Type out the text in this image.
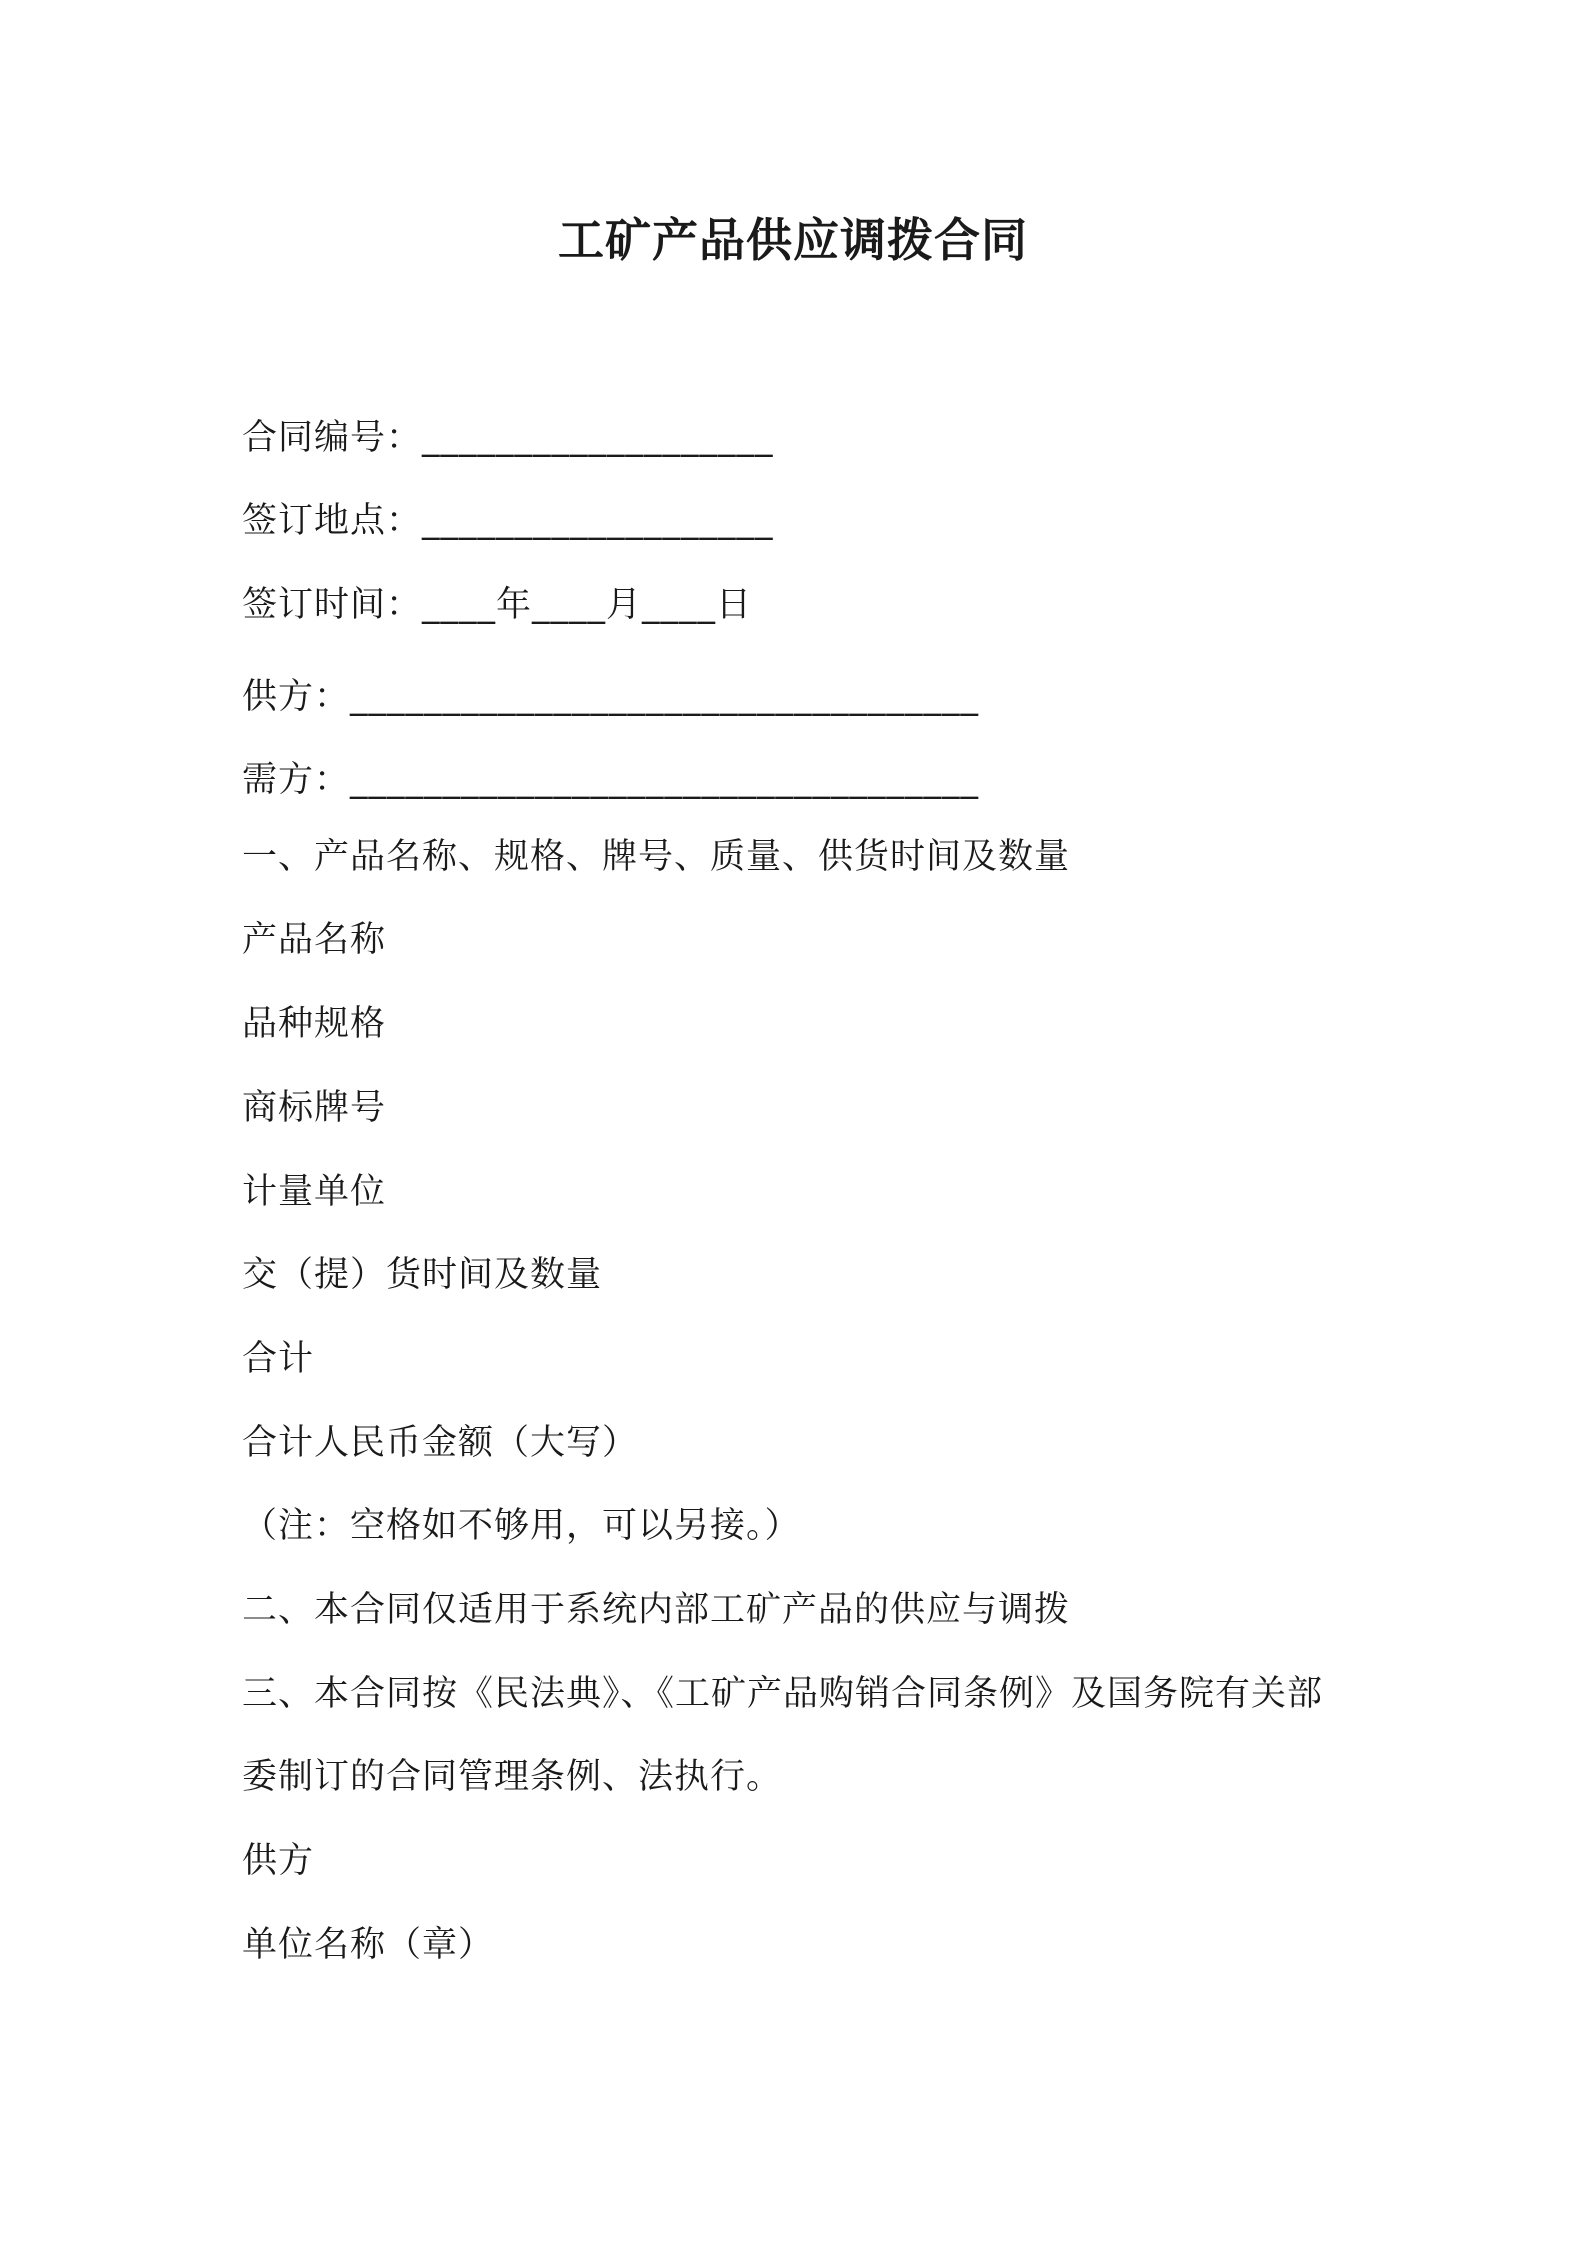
工矿产品供应调拨合同
合同编号：___________________
签订地点：___________________
签订时间：____年____月____日
供方：__________________________________
需方：__________________________________
一、产品名称、规格、牌号、质量、供货时间及数量
产品名称
品种规格
商标牌号
计量单位
交（提）货时间及数量
合计
合计人民币金额（大写）
（注：空格如不够用，可以另接。）
二、本合同仅适用于系统内部工矿产品的供应与调拨
三、本合同按《民法典》、《工矿产品购销合同条例》及国务院有关部
委制订的合同管理条例、法执行。
供方
单位名称（章）
